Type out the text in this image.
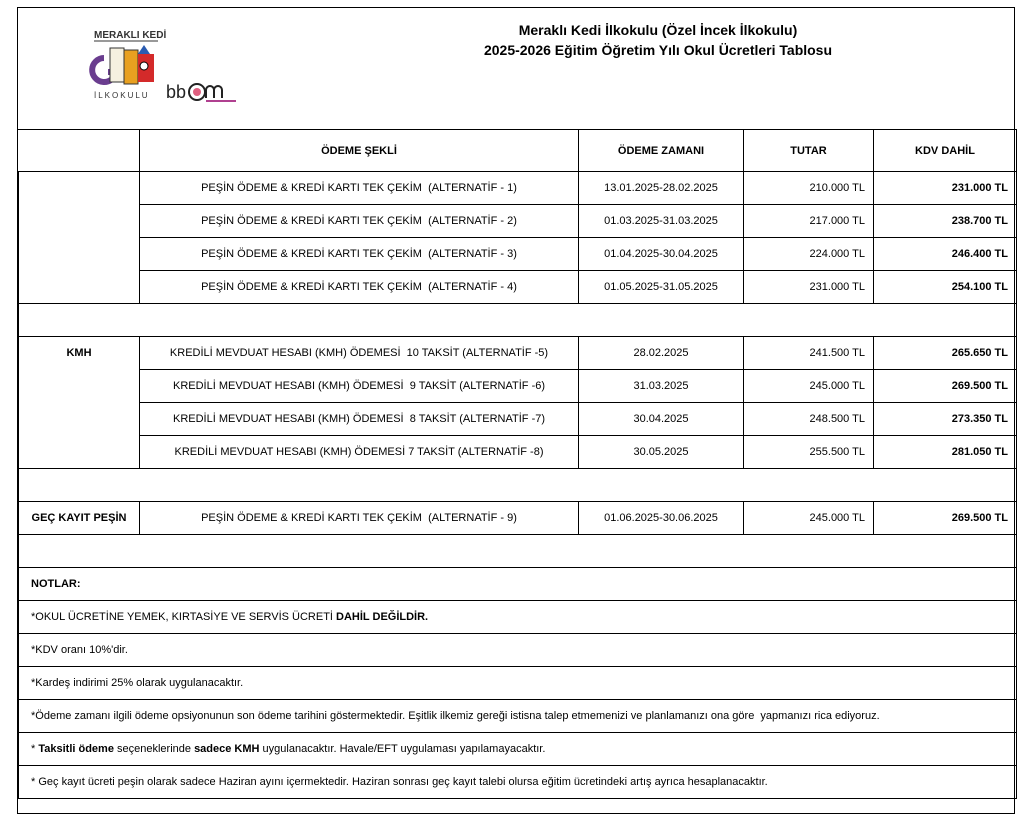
MERAKLI KEDİ
İLKOKULU bb
Meraklı Kedi İlkokulu (Özel İncek İlkokulu)
2025-2026 Eğitim Öğretim Yılı Okul Ücretleri Tablosu
	ÖDEME ŞEKLİ	ÖDEME ZAMANI	TUTAR	KDV DAHİL
	PEŞİN ÖDEME & KREDİ KARTI TEK ÇEKİM  (ALTERNATİF - 1)	13.01.2025-28.02.2025	210.000 TL	231.000 TL
	PEŞİN ÖDEME & KREDİ KARTI TEK ÇEKİM  (ALTERNATİF - 2)	01.03.2025-31.03.2025	217.000 TL	238.700 TL
	PEŞİN ÖDEME & KREDİ KARTI TEK ÇEKİM  (ALTERNATİF - 3)	01.04.2025-30.04.2025	224.000 TL	246.400 TL
	PEŞİN ÖDEME & KREDİ KARTI TEK ÇEKİM  (ALTERNATİF - 4)	01.05.2025-31.05.2025	231.000 TL	254.100 TL

KMH	KREDİLİ MEVDUAT HESABI (KMH) ÖDEMESİ  10 TAKSİT (ALTERNATİF -5)	28.02.2025	241.500 TL	265.650 TL
	KREDİLİ MEVDUAT HESABI (KMH) ÖDEMESİ  9 TAKSİT (ALTERNATİF -6)	31.03.2025	245.000 TL	269.500 TL
	KREDİLİ MEVDUAT HESABI (KMH) ÖDEMESİ  8 TAKSİT (ALTERNATİF -7)	30.04.2025	248.500 TL	273.350 TL
	KREDİLİ MEVDUAT HESABI (KMH) ÖDEMESİ 7 TAKSİT (ALTERNATİF -8)	30.05.2025	255.500 TL	281.050 TL

GEÇ KAYIT PEŞİN	PEŞİN ÖDEME & KREDİ KARTI TEK ÇEKİM  (ALTERNATİF - 9)	01.06.2025-30.06.2025	245.000 TL	269.500 TL

NOTLAR:				
*OKUL ÜCRETİNE YEMEK, KIRTASİYE VE SERVİS ÜCRETİ DAHİL DEĞİLDİR.				
*KDV oranı 10%'dir.				
*Kardeş indirimi 25% olarak uygulanacaktır.				
*Ödeme zamanı ilgili ödeme opsiyonunun son ödeme tarihini göstermektedir. Eşitlik ilkemiz gereği istisna talep etmemenizi ve planlamanızı ona göre  yapmanızı rica ediyoruz.				
* Taksitli ödeme seçeneklerinde sadece KMH uygulanacaktır. Havale/EFT uygulaması yapılamayacaktır.				
* Geç kayıt ücreti peşin olarak sadece Haziran ayını içermektedir. Haziran sonrası geç kayıt talebi olursa eğitim ücretindeki artış ayrıca hesaplanacaktır.				
